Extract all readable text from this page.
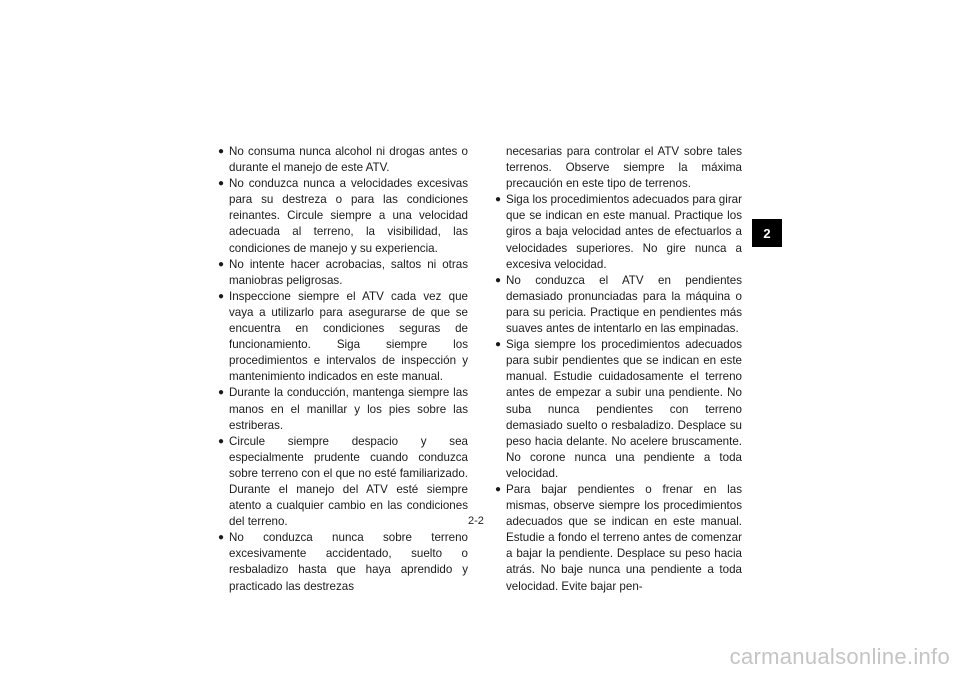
● No consuma nunca alcohol ni drogas antes o durante el manejo de este ATV.

● No conduzca nunca a velocidades excesivas para su destreza o para las condiciones reinantes. Circule siempre a una velocidad adecuada al terreno, la visibilidad, las condiciones de manejo y su experiencia.

● No intente hacer acrobacias, saltos ni otras maniobras peligrosas.

● Inspeccione siempre el ATV cada vez que vaya a utilizarlo para asegurarse de que se encuentra en condiciones seguras de funcionamiento. Siga siempre los procedimientos e intervalos de inspección y mantenimiento indicados en este manual.

● Durante la conducción, mantenga siempre las manos en el manillar y los pies sobre las estriberas.

● Circule siempre despacio y sea especialmente prudente cuando conduzca sobre terreno con el que no esté familiarizado. Durante el manejo del ATV esté siempre atento a cualquier cambio en las condiciones del terreno.

● No conduzca nunca sobre terreno excesivamente accidentado, suelto o resbaladizo hasta que haya aprendido y practicado las destrezas

necesarias para controlar el ATV sobre tales terrenos. Observe siempre la máxima precaución en este tipo de terrenos.

● Siga los procedimientos adecuados para girar que se indican en este manual. Practique los giros a baja velocidad antes de efectuarlos a velocidades superiores. No gire nunca a excesiva velocidad.

● No conduzca el ATV en pendientes demasiado pronunciadas para la máquina o para su pericia. Practique en pendientes más suaves antes de intentarlo en las empinadas.

● Siga siempre los procedimientos adecuados para subir pendientes que se indican en este manual. Estudie cuidadosamente el terreno antes de empezar a subir una pendiente. No suba nunca pendientes con terreno demasiado suelto o resbaladizo. Desplace su peso hacia delante. No acelere bruscamente. No corone nunca una pendiente a toda velocidad.

● Para bajar pendientes o frenar en las mismas, observe siempre los procedimientos adecuados que se indican en este manual. Estudie a fondo el terreno antes de comenzar a bajar la pendiente. Desplace su peso hacia atrás. No baje nunca una pendiente a toda velocidad. Evite bajar pen-

2
2-2
carmanualsonline.info
